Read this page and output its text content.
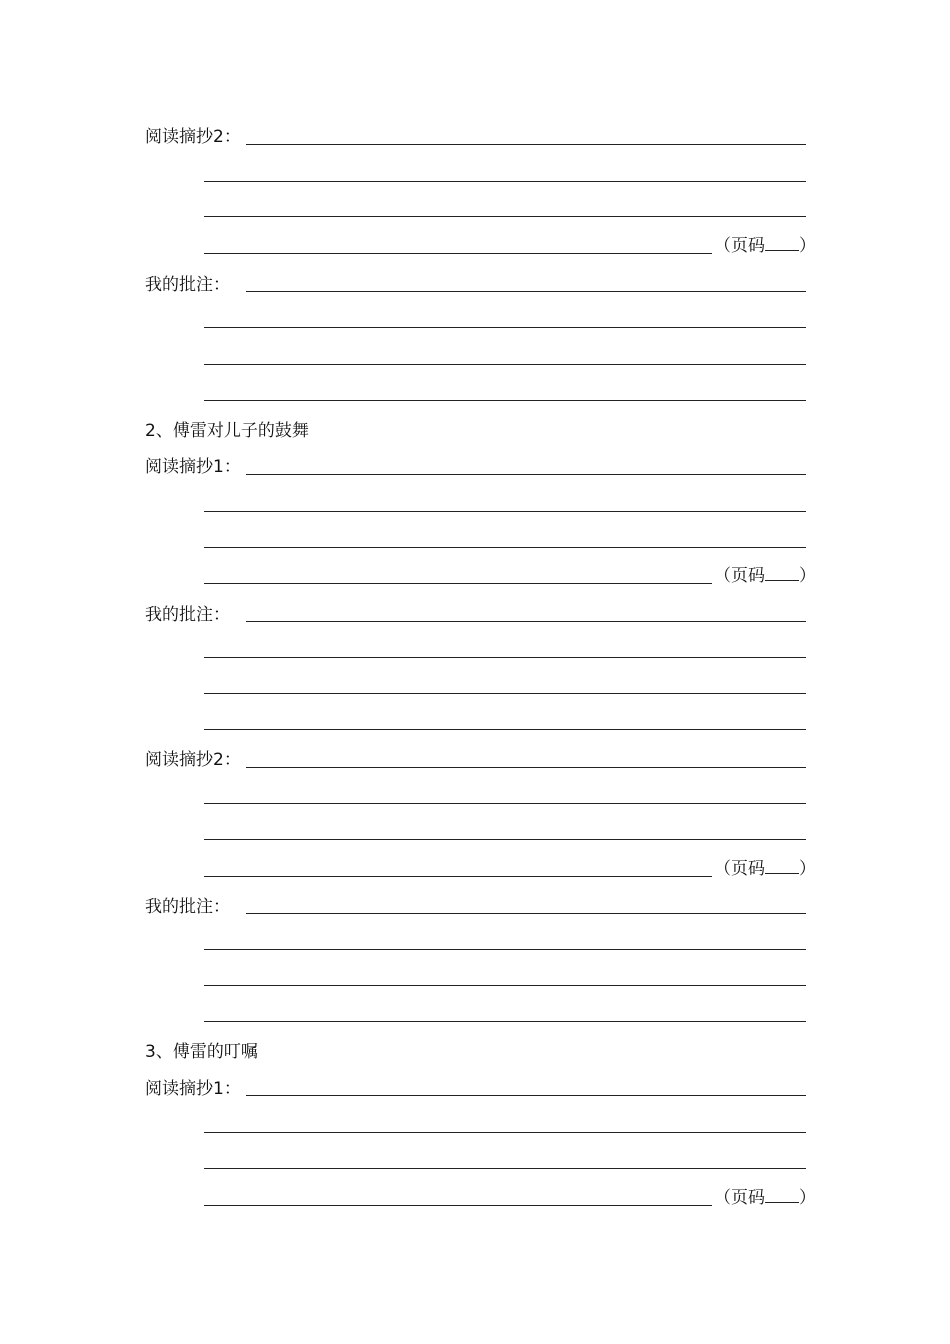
阅读摘抄2：
（页码 ）
我的批注：
2、傅雷对儿子的鼓舞
阅读摘抄1：
（页码 ）
我的批注：
阅读摘抄2：
（页码 ）
我的批注：
3、傅雷的叮嘱
阅读摘抄1：
（页码 ）
